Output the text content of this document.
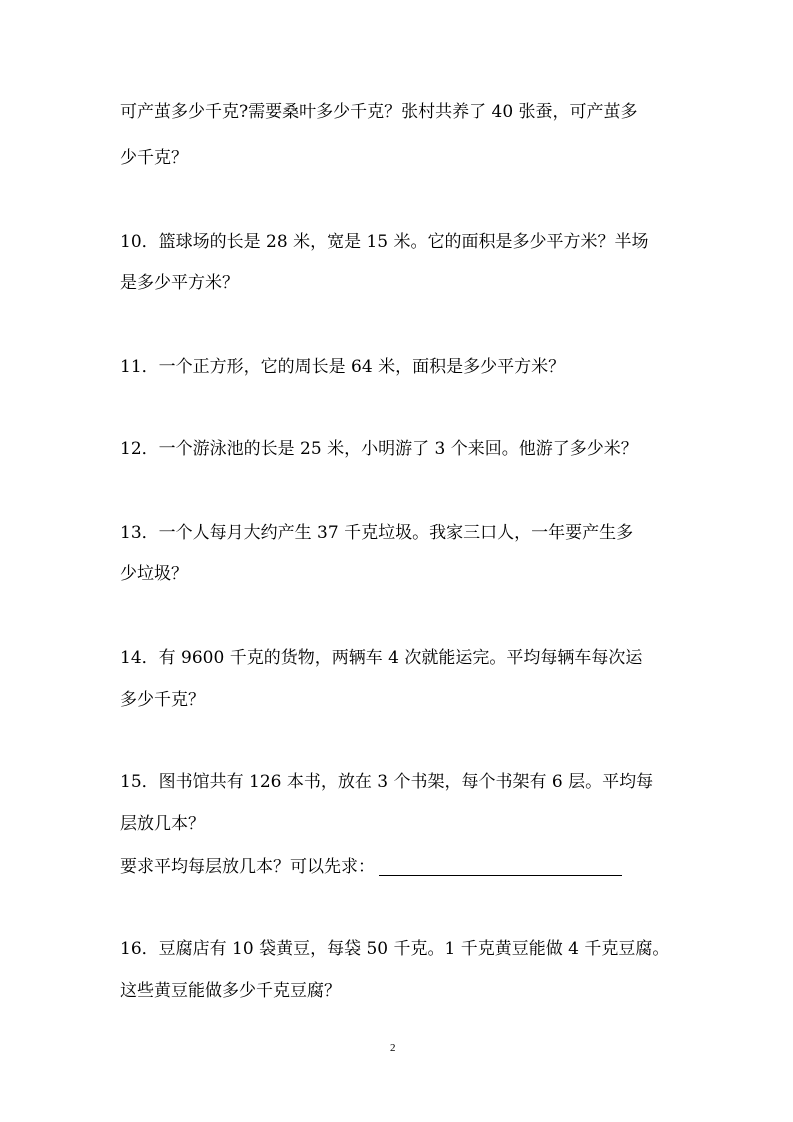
可产茧多少千克?需要桑叶多少千克？张村共养了 40 张蚕，可产茧多
少千克？
10．篮球场的长是 28 米，宽是 15 米。它的面积是多少平方米？半场
是多少平方米？
11．一个正方形，它的周长是 64 米，面积是多少平方米？
12．一个游泳池的长是 25 米，小明游了 3 个来回。他游了多少米？
13．一个人每月大约产生 37 千克垃圾。我家三口人，一年要产生多
少垃圾？
14．有 9600 千克的货物，两辆车 4 次就能运完。平均每辆车每次运
多少千克？
15．图书馆共有 126 本书，放在 3 个书架，每个书架有 6 层。平均每
层放几本？
要求平均每层放几本？可以先求：
16．豆腐店有 10 袋黄豆，每袋 50 千克。1 千克黄豆能做 4 千克豆腐。
这些黄豆能做多少千克豆腐？
2
